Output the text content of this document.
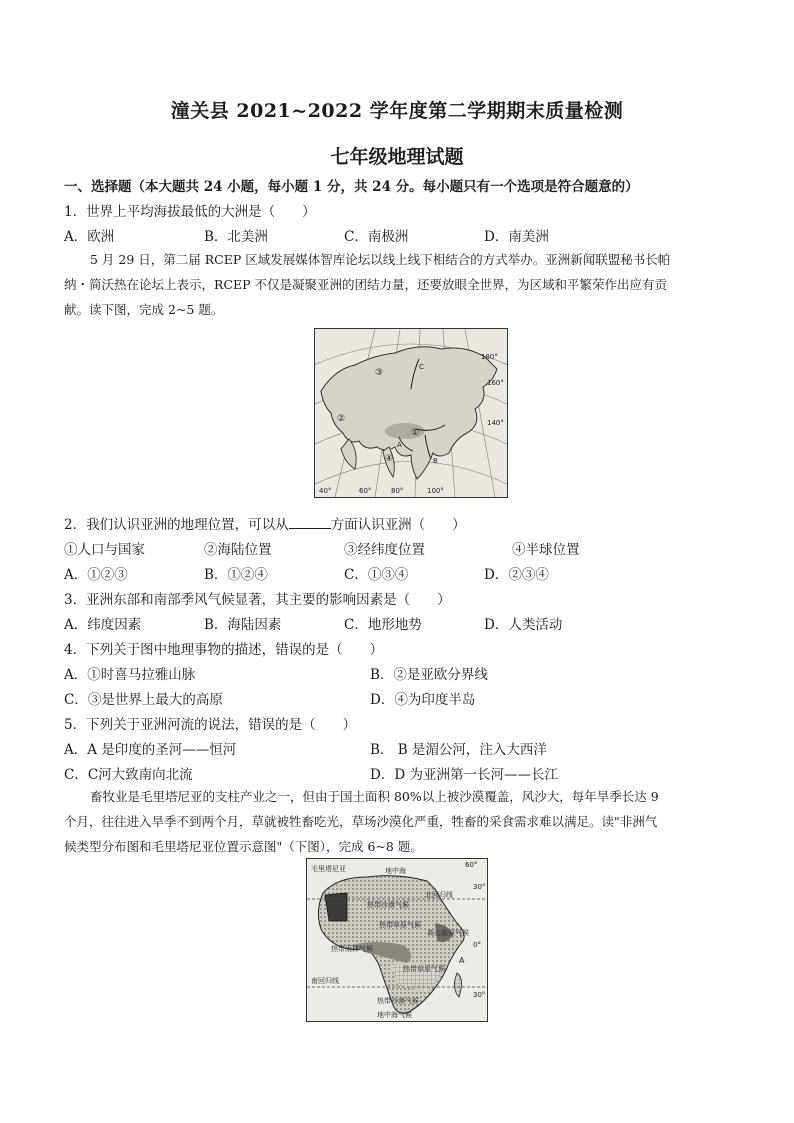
潼关县 2021~2022 学年度第二学期期末质量检测
七年级地理试题
一、选择题（本大题共 24 小题，每小题 1 分，共 24 分。每小题只有一个选项是符合题意的）
1．世界上平均海拔最低的大洲是（　　）
A．欧洲	B．北美洲	C．南极洲	D．南美洲
5 月 29 日，第二届 RCEP 区域发展媒体智库论坛以线上线下相结合的方式举办。亚洲新闻联盟秘书长帕
纳・简沃热在论坛上表示，RCEP 不仅是凝聚亚洲的团结力量，还要放眼全世界，为区域和平繁荣作出应有贡
献。读下图，完成 2~5 题。
180°
160°
140°
100°
80°
60°
40°
①
②
③
④
A
B
C
2．我们认识亚洲的地理位置，可以从	方面认识亚洲（　　）
①人口与国家	②海陆位置	③经纬度位置	④半球位置
A．①②③	B．①②④	C．①③④	D．②③④
3．亚洲东部和南部季风气候显著，其主要的影响因素是（　　）
A．纬度因素	B．海陆因素	C．地形地势	D．人类活动
4．下列关于图中地理事物的描述，错误的是（　　）
A．①时喜马拉雅山脉	B．②是亚欧分界线
C．③是世界上最大的高原	D．④为印度半岛
5．下列关于亚洲河流的说法，错误的是（　　）
A．A 是印度的圣河——恒河	B． B 是湄公河，注入大西洋
C．C河大致南向北流	D．D 为亚洲第一长河——长江
畜牧业是毛里塔尼亚的支柱产业之一，但由于国土面积 80%以上被沙漠覆盖，风沙大，每年旱季长达 9
个月，往往进入旱季不到两个月，草就被牲畜吃光，草场沙漠化严重，牲畜的采食需求难以满足。读"非洲气
候类型分布图和毛里塔尼亚位置示意图"（下图），完成 6~8 题。
毛里塔尼亚	地中海
北回归线
热带沙漠气候
热带草原气候
高山高原气候
热带雨林气候
热带草原气候
热带沙漠气候
南回归线
地中海气候
A
60°
30°
0°
30°
